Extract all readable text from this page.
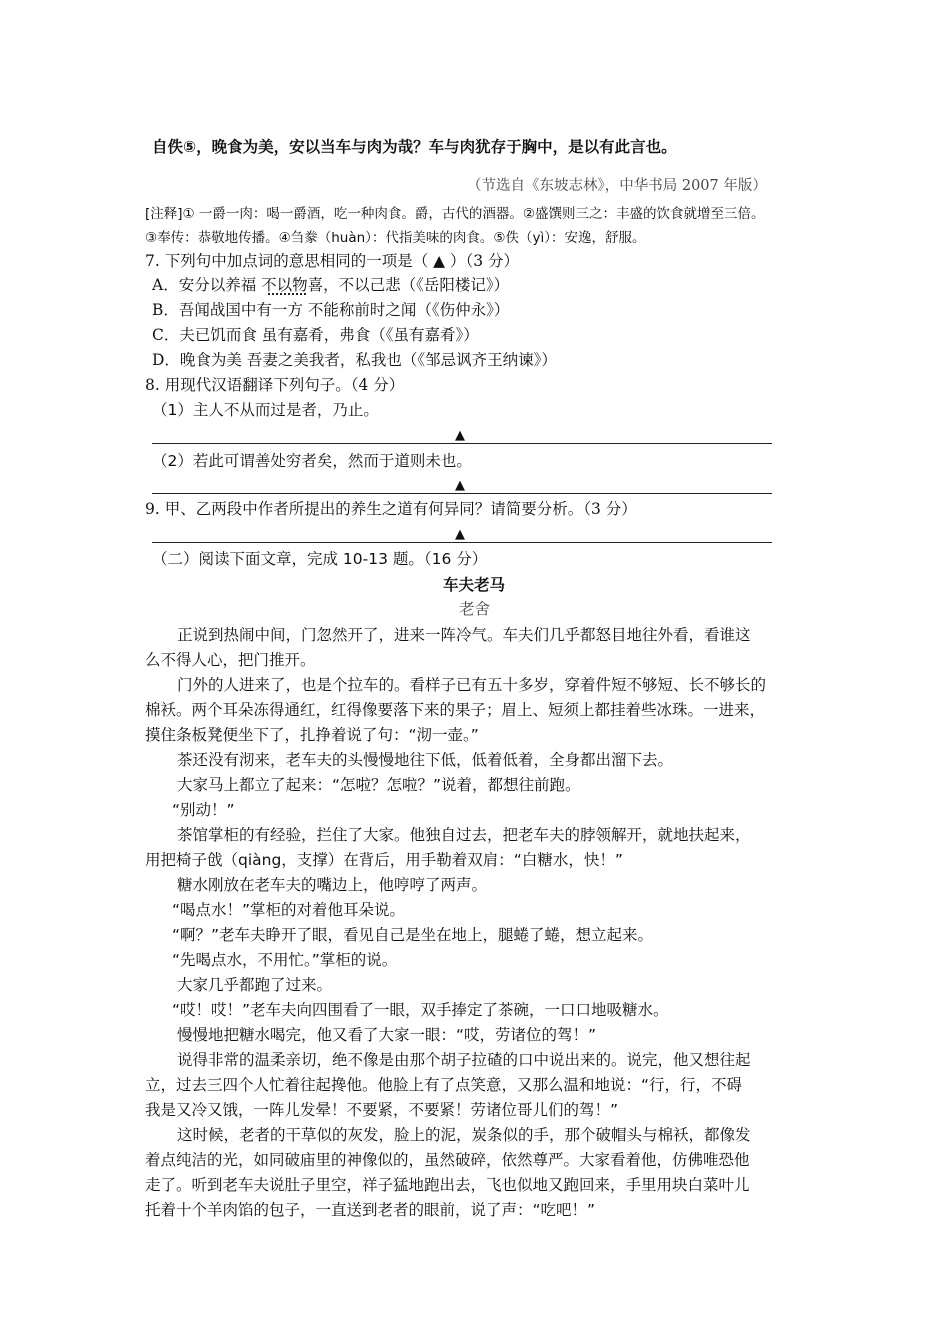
自佚⑤，晚食为美，安以当车与肉为哉？车与肉犹存于胸中，是以有此言也。
（节选自《东坡志林》，中华书局 2007 年版）
[注释]① 一爵一肉：喝一爵酒，吃一种肉食。爵，古代的酒器。②盛馔则三之：丰盛的饮食就增至三倍。
③奉传：恭敬地传播。④刍豢（huàn）：代指美味的肉食。⑤佚（yì）：安逸，舒服。
7. 下列句中加点词的意思相同的一项是（ ▲ ）（3 分）
A．安分以养福 不以物喜，不以己悲（《岳阳楼记》）
B．吾闻战国中有一方 不能称前时之闻（《伤仲永》）
C．夫已饥而食 虽有嘉肴，弗食（《虽有嘉肴》）
D．晚食为美 吾妻之美我者，私我也（《邹忌讽齐王纳谏》）
8. 用现代汉语翻译下列句子。（4 分）
（1）主人不从而过是者，乃止。
▲
（2）若此可谓善处穷者矣，然而于道则未也。
▲
9. 甲、乙两段中作者所提出的养生之道有何异同？请简要分析。（3 分）
▲
（二）阅读下面文章，完成 10-13 题。（16 分）
车夫老马
老舍
正说到热闹中间，门忽然开了，进来一阵冷气。车夫们几乎都怒目地往外看，看谁这
么不得人心，把门推开。
门外的人进来了，也是个拉车的。看样子已有五十多岁，穿着件短不够短、长不够长的
棉袄。两个耳朵冻得通红，红得像要落下来的果子；眉上、短须上都挂着些冰珠。一进来，
摸住条板凳便坐下了，扎挣着说了句：“沏一壶。”
茶还没有沏来，老车夫的头慢慢地往下低，低着低着，全身都出溜下去。
大家马上都立了起来：“怎啦？怎啦？”说着，都想往前跑。
“别动！”
茶馆掌柜的有经验，拦住了大家。他独自过去，把老车夫的脖领解开，就地扶起来，
用把椅子戗（qiàng，支撑）在背后，用手勒着双肩：“白糖水，快！”
糖水刚放在老车夫的嘴边上，他哼哼了两声。
“喝点水！”掌柜的对着他耳朵说。
“啊？”老车夫睁开了眼，看见自己是坐在地上，腿蜷了蜷，想立起来。
“先喝点水，不用忙。”掌柜的说。
大家几乎都跑了过来。
“哎！哎！”老车夫向四围看了一眼，双手捧定了茶碗，一口口地吸糖水。
慢慢地把糖水喝完，他又看了大家一眼：“哎，劳诸位的驾！”
说得非常的温柔亲切，绝不像是由那个胡子拉碴的口中说出来的。说完，他又想往起
立，过去三四个人忙着往起搀他。他脸上有了点笑意，又那么温和地说：“行，行，不碍
我是又冷又饿，一阵儿发晕！不要紧，不要紧！劳诸位哥儿们的驾！”
这时候，老者的干草似的灰发，脸上的泥，炭条似的手，那个破帽头与棉袄，都像发
着点纯洁的光，如同破庙里的神像似的，虽然破碎，依然尊严。大家看着他，仿佛唯恐他
走了。听到老车夫说肚子里空，祥子猛地跑出去，飞也似地又跑回来，手里用块白菜叶儿
托着十个羊肉馅的包子，一直送到老者的眼前，说了声：“吃吧！”
